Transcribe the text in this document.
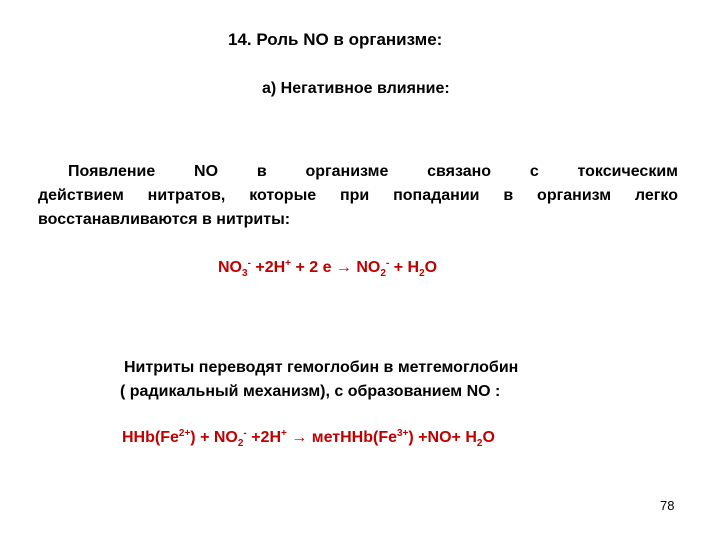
14. Роль NO в организме:
а) Негативное влияние:
Появление NO в организме связано с токсическим
действием нитратов, которые при попадании в организм легко
восстанавливаются в нитриты:
$NO_3^- +2H^+ + 2$ $e \to NO_2^- + H_2O$
Нитриты переводят гемоглобин в метгемоглобин
( радикальный механизм), с образованием NO :
$HHb(Fe^{2+}) + NO_2^- +2H^+$ → $метHHb(Fe^{3+}) +NO+ H_2O$
78
